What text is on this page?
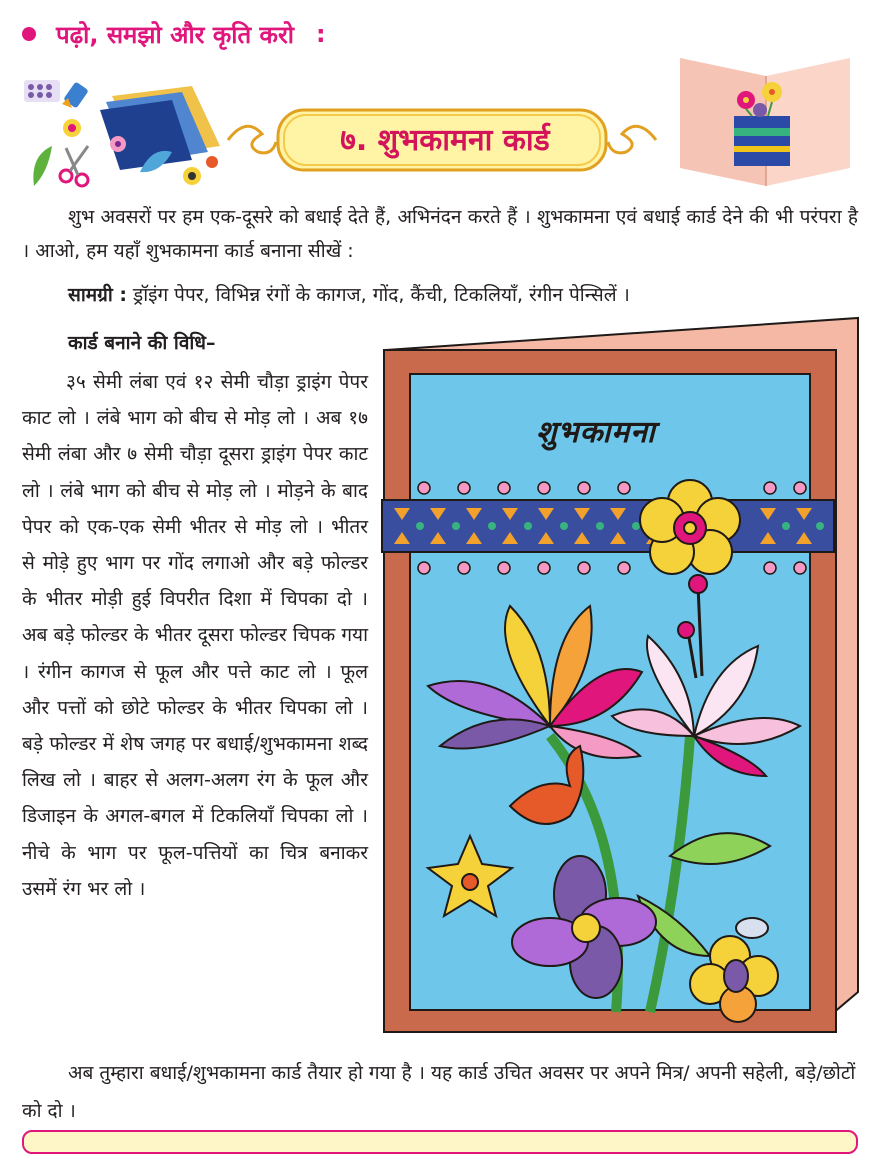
पढ़ो, समझो और कृति करो :
७. शुभकामना कार्ड

शुभ अवसरों पर हम एक-दूसरे को बधाई देते हैं, अभिनंदन करते हैं । शुभकामना एवं बधाई कार्ड देने की भी परंपरा है । आओ, हम यहाँ शुभकामना कार्ड बनाना सीखें :

सामग्री : ड्रॉइंग पेपर, विभिन्न रंगों के कागज, गोंद, कैंची, टिकलियाँ, रंगीन पेन्सिलें ।
कार्ड बनाने की विधि–

३५ सेमी लंबा एवं १२ सेमी चौड़ा ड्राइंग पेपर काट लो । लंबे भाग को बीच से मोड़ लो । अब १७ सेमी लंबा और ७ सेमी चौड़ा दूसरा ड्राइंग पेपर काट लो । लंबे भाग को बीच से मोड़ लो । मोड़ने के बाद पेपर को एक-एक सेमी भीतर से मोड़ लो । भीतर से मोड़े हुए भाग पर गोंद लगाओ और बड़े फोल्डर के भीतर मोड़ी हुई विपरीत दिशा में चिपका दो । अब बड़े फोल्डर के भीतर दूसरा फोल्डर चिपक गया । रंगीन कागज से फूल और पत्ते काट लो । फूल और पत्तों को छोटे फोल्डर के भीतर चिपका लो । बड़े फोल्डर में शेष जगह पर बधाई/शुभकामना शब्द लिख लो । बाहर से अलग-अलग रंग के फूल और डिजाइन के अगल-बगल में टिकलियाँ चिपका लो । नीचे के भाग पर फूल-पत्तियों का चित्र बनाकर उसमें रंग भर लो ।

शुभकामना

अब तुम्हारा बधाई/शुभकामना कार्ड तैयार हो गया है । यह कार्ड उचित अवसर पर अपने मित्र/ अपनी सहेली, बड़े/छोटों को दो ।
